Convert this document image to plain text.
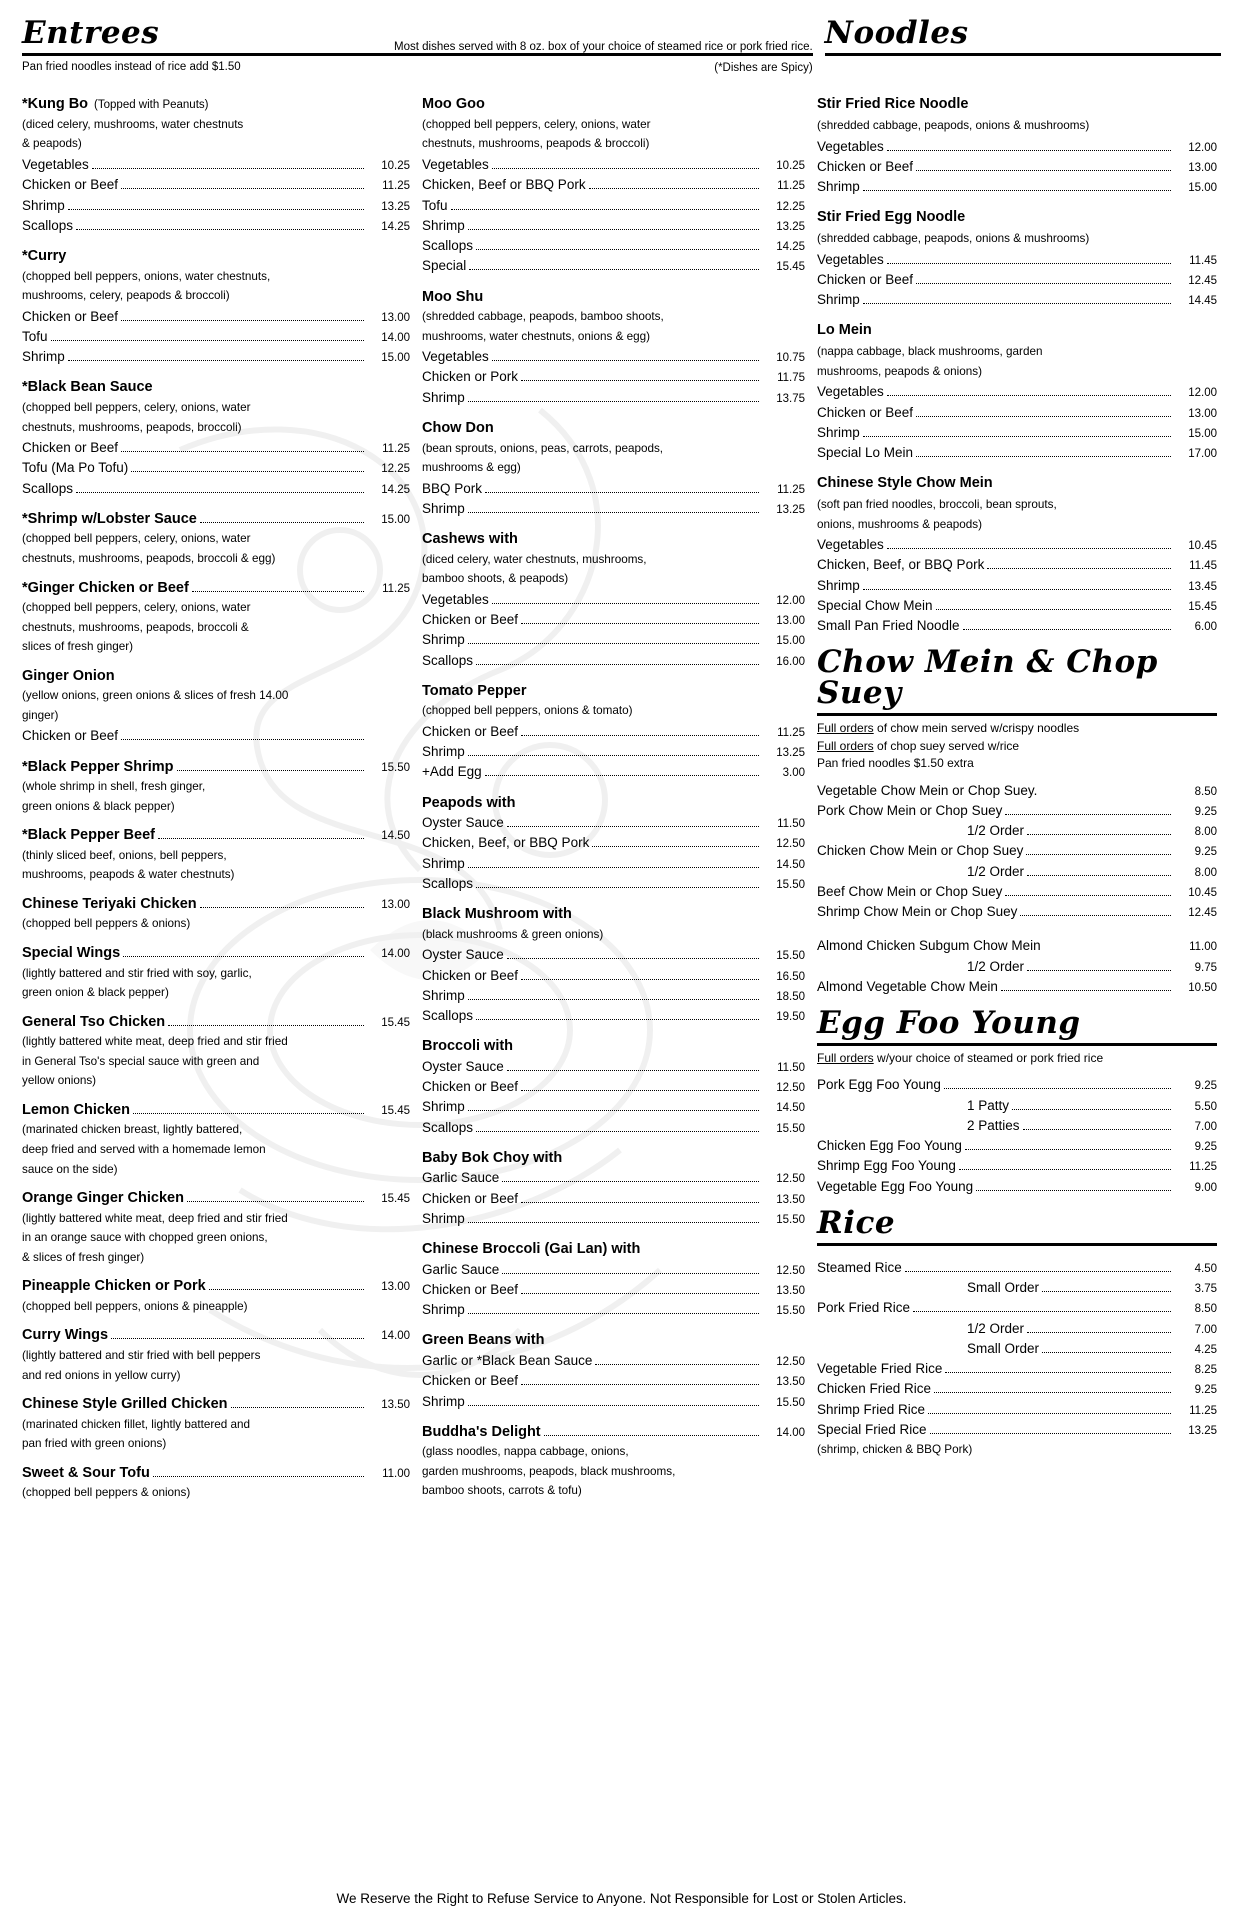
Entrees	Most dishes served with 8 oz. box of your choice of steamed rice or pork fried rice.
Pan fried noodles instead of rice add $1.50	(*Dishes are Spicy)
Noodles
*Kung Bo (Topped with Peanuts)
(diced celery, mushrooms, water chestnuts
& peapods)
Vegetables	10.25
Chicken or Beef	11.25
Shrimp	13.25
Scallops	14.25
*Curry
(chopped bell peppers, onions, water chestnuts,
mushrooms, celery, peapods & broccoli)
Chicken or Beef	13.00
Tofu	14.00
Shrimp	15.00
*Black Bean Sauce
(chopped bell peppers, celery, onions, water
chestnuts, mushrooms, peapods, broccoli)
Chicken or Beef	11.25
Tofu (Ma Po Tofu)	12.25
Scallops	14.25
*Shrimp w/Lobster Sauce	15.00
(chopped bell peppers, celery, onions, water
chestnuts, mushrooms, peapods, broccoli & egg)
*Ginger Chicken or Beef	11.25
(chopped bell peppers, celery, onions, water
chestnuts, mushrooms, peapods, broccoli &
slices of fresh ginger)
Ginger Onion
(yellow onions, green onions & slices of fresh 14.00
ginger)
Chicken or Beef
*Black Pepper Shrimp	15.50
(whole shrimp in shell, fresh ginger,
green onions & black pepper)
*Black Pepper Beef	14.50
(thinly sliced beef, onions, bell peppers,
mushrooms, peapods & water chestnuts)
Chinese Teriyaki Chicken	13.00
(chopped bell peppers & onions)
Special Wings	14.00
(lightly battered and stir fried with soy, garlic,
green onion & black pepper)
General Tso Chicken	15.45
(lightly battered white meat, deep fried and stir fried
in General Tso's special sauce with green and
yellow onions)
Lemon Chicken	15.45
(marinated chicken breast, lightly battered,
deep fried and served with a homemade lemon
sauce on the side)
Orange Ginger Chicken	15.45
(lightly battered white meat, deep fried and stir fried
in an orange sauce with chopped green onions,
& slices of fresh ginger)
Pineapple Chicken or Pork	13.00
(chopped bell peppers, onions & pineapple)
Curry Wings	14.00
(lightly battered and stir fried with bell peppers
and red onions in yellow curry)
Chinese Style Grilled Chicken	13.50
(marinated chicken fillet, lightly battered and
pan fried with green onions)
Sweet & Sour Tofu	11.00
(chopped bell peppers & onions)
Moo Goo
(chopped bell peppers, celery, onions, water
chestnuts, mushrooms, peapods & broccoli)
Vegetables	10.25
Chicken, Beef or BBQ Pork	11.25
Tofu	12.25
Shrimp	13.25
Scallops	14.25
Special	15.45
Moo Shu
(shredded cabbage, peapods, bamboo shoots,
mushrooms, water chestnuts, onions & egg)
Vegetables	10.75
Chicken or Pork	11.75
Shrimp	13.75
Chow Don
(bean sprouts, onions, peas, carrots, peapods,
mushrooms & egg)
BBQ Pork	11.25
Shrimp	13.25
Cashews with
(diced celery, water chestnuts, mushrooms,
bamboo shoots, & peapods)
Vegetables	12.00
Chicken or Beef	13.00
Shrimp	15.00
Scallops	16.00
Tomato Pepper
(chopped bell peppers, onions & tomato)
Chicken or Beef	11.25
Shrimp	13.25
+Add Egg	3.00
Peapods with
Oyster Sauce	11.50
Chicken, Beef, or BBQ Pork	12.50
Shrimp	14.50
Scallops	15.50
Black Mushroom with
(black mushrooms & green onions)
Oyster Sauce	15.50
Chicken or Beef	16.50
Shrimp	18.50
Scallops	19.50
Broccoli with
Oyster Sauce	11.50
Chicken or Beef	12.50
Shrimp	14.50
Scallops	15.50
Baby Bok Choy with
Garlic Sauce	12.50
Chicken or Beef	13.50
Shrimp	15.50
Chinese Broccoli (Gai Lan) with
Garlic Sauce	12.50
Chicken or Beef	13.50
Shrimp	15.50
Green Beans with
Garlic or *Black Bean Sauce	12.50
Chicken or Beef	13.50
Shrimp	15.50
Buddha's Delight	14.00
(glass noodles, nappa cabbage, onions,
garden mushrooms, peapods, black mushrooms,
bamboo shoots, carrots & tofu)
Stir Fried Rice Noodle
(shredded cabbage, peapods, onions & mushrooms)
Vegetables	12.00
Chicken or Beef	13.00
Shrimp	15.00
Stir Fried Egg Noodle
(shredded cabbage, peapods, onions & mushrooms)
Vegetables	11.45
Chicken or Beef	12.45
Shrimp	14.45
Lo Mein
(nappa cabbage, black mushrooms, garden
mushrooms, peapods & onions)
Vegetables	12.00
Chicken or Beef	13.00
Shrimp	15.00
Special Lo Mein	17.00
Chinese Style Chow Mein
(soft pan fried noodles, broccoli, bean sprouts,
onions, mushrooms & peapods)
Vegetables	10.45
Chicken, Beef, or BBQ Pork	11.45
Shrimp	13.45
Special Chow Mein	15.45
Small Pan Fried Noodle	6.00
Chow Mein & Chop Suey
Full orders of chow mein served w/crispy noodles
Full orders of chop suey served w/rice
Pan fried noodles $1.50 extra
Vegetable Chow Mein or Chop Suey.	8.50
Pork Chow Mein or Chop Suey	9.25
1/2 Order	8.00
Chicken Chow Mein or Chop Suey	9.25
1/2 Order	8.00
Beef Chow Mein or Chop Suey	10.45
Shrimp Chow Mein or Chop Suey	12.45
Almond Chicken Subgum Chow Mein	11.00
1/2 Order	9.75
Almond Vegetable Chow Mein	10.50
Egg Foo Young
Full orders w/your choice of steamed or pork fried rice
Pork Egg Foo Young	9.25
1 Patty	5.50
2 Patties	7.00
Chicken Egg Foo Young	9.25
Shrimp Egg Foo Young	11.25
Vegetable Egg Foo Young	9.00
Rice
Steamed Rice	4.50
Small Order	3.75
Pork Fried Rice	8.50
1/2 Order	7.00
Small Order	4.25
Vegetable Fried Rice	8.25
Chicken Fried Rice	9.25
Shrimp Fried Rice	11.25
Special Fried Rice	13.25
(shrimp, chicken & BBQ Pork)
We Reserve the Right to Refuse Service to Anyone. Not Responsible for Lost or Stolen Articles.
